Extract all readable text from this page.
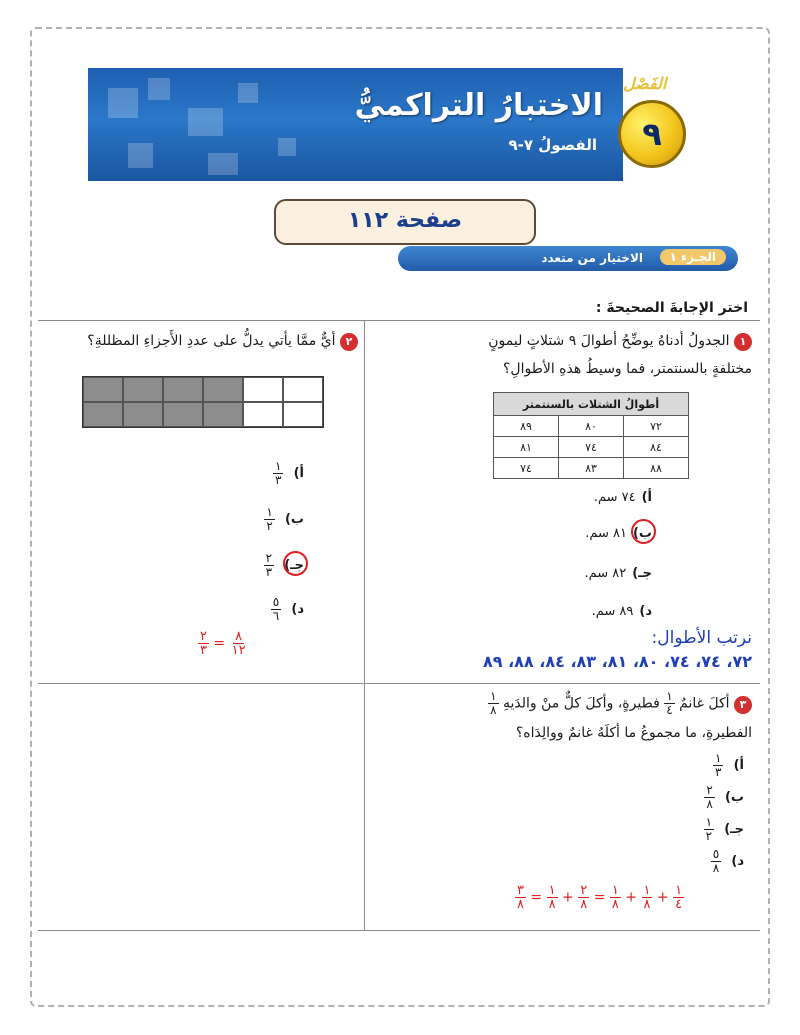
الاختبارُ التراكميُّ
الفصولُ ٧-٩
الفَصْل
٩
صفحة ١١٢
الجـزء ١
الاختيار من متعدد
اختر الإجابةَ الصحيحةَ :
١ الجدولُ أدناهُ يوضِّحُ أطوالَ ٩ شتلاتٍ ليمونٍ
مختلفةٍ بالسنتمتر، فما وسيطُ هذهِ الأطوالِ؟
أطوالُ الشتلات بالسنتمتر		
٧٢	٨٠	٨٩
٨٤	٧٤	٨١
٨٨	٨٣	٧٤
أ)٧٤ سم.
ب)٨١ سم.
جـ)٨٢ سم.
د)٨٩ سم.
نرتب الأطوال:
٧٢، ٧٤، ٧٤، ٨٠، ٨١، ٨٣، ٨٤، ٨٨، ٨٩
٢ أيٌّ ممَّا يأتي يدلُّ على عددِ الأَجزاءِ المظللةِ؟
أ)
$\frac{١}{٣}$
ب)
$\frac{١}{٢}$
جـ)
$\frac{٢}{٣}$
د)
$\frac{٥}{٦}$
$\frac{٢}{٣} = \frac{٨}{١٢}$
٣ أكلَ غانمٌ
$\frac{١}{٤}$
فطيرةٍ، وأكلَ كلٌّ منْ والدَيهِ
$\frac{١}{٨}$
الفطيرةِ، ما مجموعُ ما أكلَهُ غانمٌ ووالِدَاه؟
أ)
$\frac{١}{٣}$
ب)
$\frac{٢}{٨}$
جـ)
$\frac{١}{٢}$
د)
$\frac{٥}{٨}$
$\frac{٣}{٨} = \frac{١}{٨} + \frac{٢}{٨} = \frac{١}{٨} + \frac{١}{٨} + \frac{١}{٤}$
